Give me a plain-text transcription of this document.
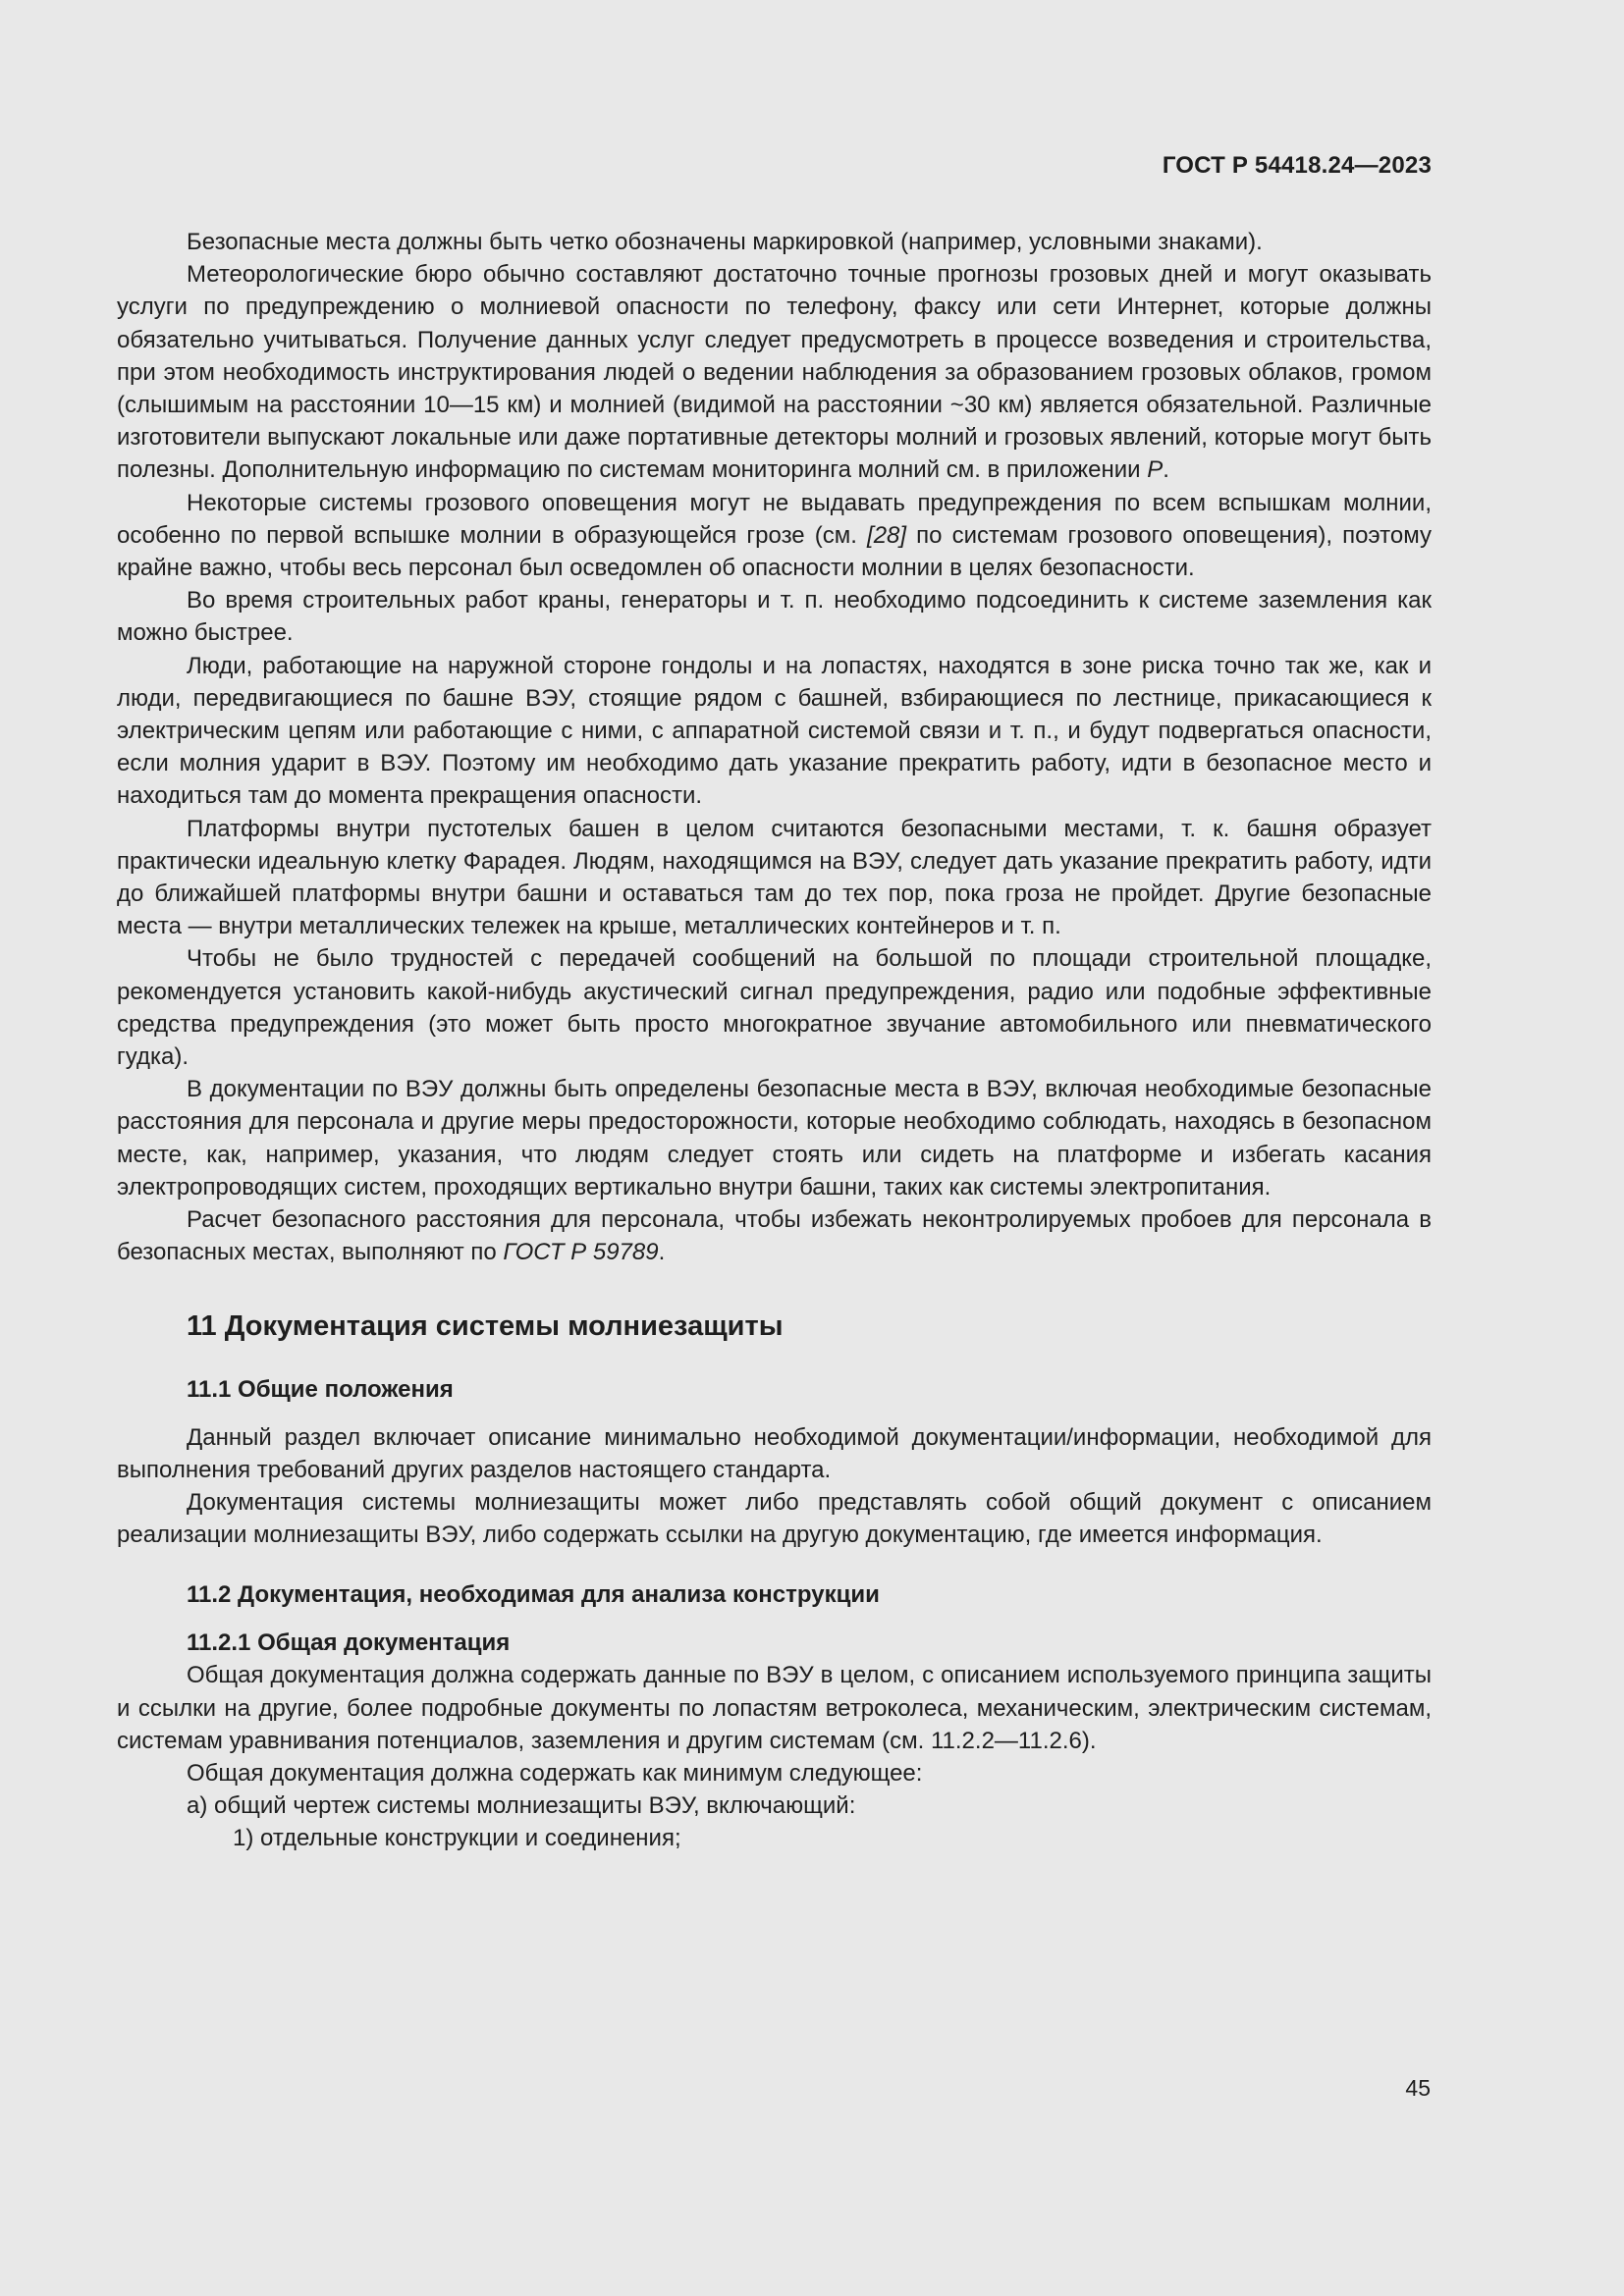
ГОСТ Р 54418.24—2023

Безопасные места должны быть четко обозначены маркировкой (например, условными знаками).

Метеорологические бюро обычно составляют достаточно точные прогнозы грозовых дней и могут оказывать услуги по предупреждению о молниевой опасности по телефону, факсу или сети Интернет, которые должны обязательно учитываться. Получение данных услуг следует предусмотреть в процессе возведения и строительства, при этом необходимость инструктирования людей о ведении наблюдения за образованием грозовых облаков, громом (слышимым на расстоянии 10—15 км) и молнией (видимой на расстоянии ~30 км) является обязательной. Различные изготовители выпускают локальные или даже портативные детекторы молний и грозовых явлений, которые могут быть полезны. Дополнительную информацию по системам мониторинга молний см. в приложении Р.

Некоторые системы грозового оповещения могут не выдавать предупреждения по всем вспышкам молнии, особенно по первой вспышке молнии в образующейся грозе (см. [28] по системам грозового оповещения), поэтому крайне важно, чтобы весь персонал был осведомлен об опасности молнии в целях безопасности.

Во время строительных работ краны, генераторы и т. п. необходимо подсоединить к системе заземления как можно быстрее.

Люди, работающие на наружной стороне гондолы и на лопастях, находятся в зоне риска точно так же, как и люди, передвигающиеся по башне ВЭУ, стоящие рядом с башней, взбирающиеся по лестнице, прикасающиеся к электрическим цепям или работающие с ними, с аппаратной системой связи и т. п., и будут подвергаться опасности, если молния ударит в ВЭУ. Поэтому им необходимо дать указание прекратить работу, идти в безопасное место и находиться там до момента прекращения опасности.

Платформы внутри пустотелых башен в целом считаются безопасными местами, т. к. башня образует практически идеальную клетку Фарадея. Людям, находящимся на ВЭУ, следует дать указание прекратить работу, идти до ближайшей платформы внутри башни и оставаться там до тех пор, пока гроза не пройдет. Другие безопасные места — внутри металлических тележек на крыше, металлических контейнеров и т. п.

Чтобы не было трудностей с передачей сообщений на большой по площади строительной площадке, рекомендуется установить какой-нибудь акустический сигнал предупреждения, радио или подобные эффективные средства предупреждения (это может быть просто многократное звучание автомобильного или пневматического гудка).

В документации по ВЭУ должны быть определены безопасные места в ВЭУ, включая необходимые безопасные расстояния для персонала и другие меры предосторожности, которые необходимо соблюдать, находясь в безопасном месте, как, например, указания, что людям следует стоять или сидеть на платформе и избегать касания электропроводящих систем, проходящих вертикально внутри башни, таких как системы электропитания.

Расчет безопасного расстояния для персонала, чтобы избежать неконтролируемых пробоев для персонала в безопасных местах, выполняют по ГОСТ Р 59789.

11 Документация системы молниезащиты
11.1 Общие положения

Данный раздел включает описание минимально необходимой документации/информации, необходимой для выполнения требований других разделов настоящего стандарта.

Документация системы молниезащиты может либо представлять собой общий документ с описанием реализации молниезащиты ВЭУ, либо содержать ссылки на другую документацию, где имеется информация.

11.2 Документация, необходимая для анализа конструкции
11.2.1 Общая документация

Общая документация должна содержать данные по ВЭУ в целом, с описанием используемого принципа защиты и ссылки на другие, более подробные документы по лопастям ветроколеса, механическим, электрическим системам, системам уравнивания потенциалов, заземления и другим системам (см. 11.2.2—11.2.6).

Общая документация должна содержать как минимум следующее:

а) общий чертеж системы молниезащиты ВЭУ, включающий:
1) отдельные конструкции и соединения;
45
